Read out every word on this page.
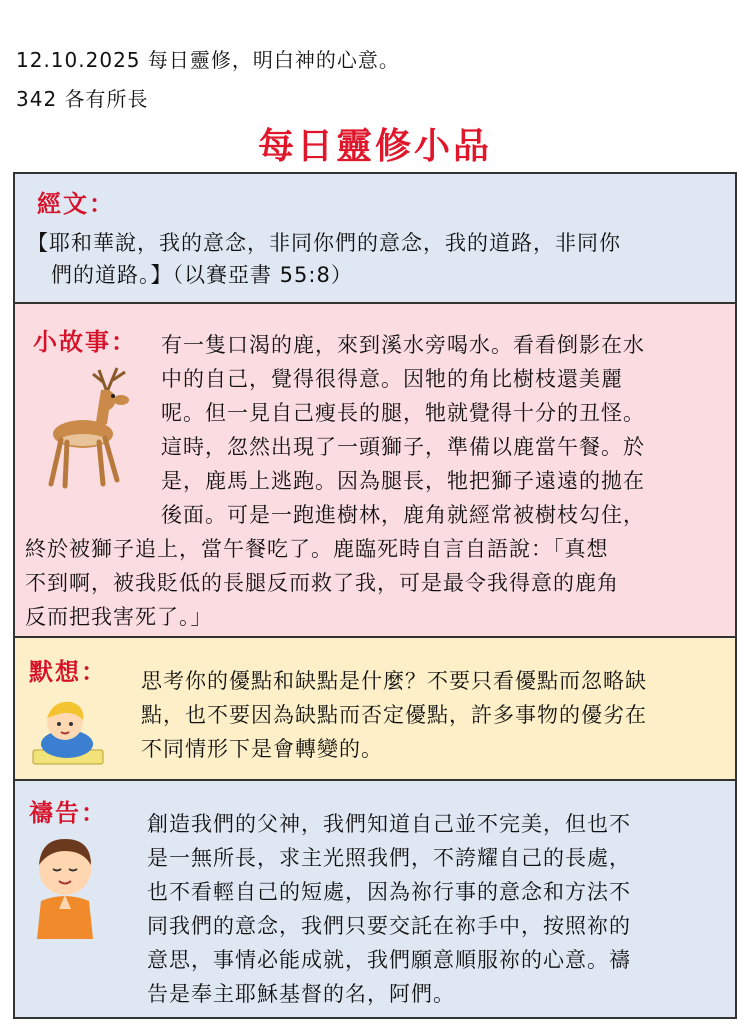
12.10.2025 每日靈修，明白神的心意。
342 各有所長
每日靈修小品
經文：
【耶和華說，我的意念，非同你們的意念，我的道路，非同你
們的道路。】（以賽亞書 55:8）
小故事： 有一隻口渴的鹿，來到溪水旁喝水。看看倒影在水
中的自己，覺得很得意。因牠的角比樹枝還美麗
呢。但一見自己瘦長的腿，牠就覺得十分的丑怪。
這時，忽然出現了一頭獅子，準備以鹿當午餐。於
是，鹿馬上逃跑。因為腿長，牠把獅子遠遠的拋在
後面。可是一跑進樹林，鹿角就經常被樹枝勾住，
終於被獅子追上，當午餐吃了。鹿臨死時自言自語說：「真想
不到啊，被我貶低的長腿反而救了我，可是最令我得意的鹿角
反而把我害死了。」
默想： 思考你的優點和缺點是什麼？不要只看優點而忽略缺
點，也不要因為缺點而否定優點，許多事物的優劣在
不同情形下是會轉變的。
禱告： 創造我們的父神，我們知道自己並不完美，但也不
是一無所長，求主光照我們，不誇耀自己的長處，
也不看輕自己的短處，因為祢行事的意念和方法不
同我們的意念，我們只要交託在祢手中，按照祢的
意思，事情必能成就，我們願意順服祢的心意。禱
告是奉主耶穌基督的名，阿們。
